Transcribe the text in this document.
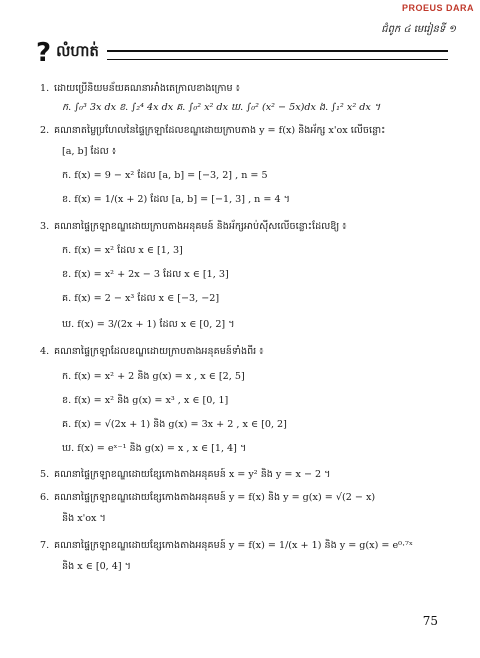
PROEUS DARA
ជំពូក ៤ មេរៀនទី ១
? លំហាត់
1. ដោយប្រើនិយមន័យគណនាអាំងតេក្រាលខាងក្រោម ៖
ក. ∫₀³ 3x dx ខ. ∫₂⁴ 4x dx គ. ∫₀² x² dx ឃ. ∫₀² (x² − 5x)dx ង. ∫₁² x² dx ។
2. គណនាតម្លៃប្រហែលនៃផ្ទៃក្រឡាដែលខណ្ឌដោយក្រាបតាង y = f(x) និងអ័ក្ស x'ox លើចន្លោះ
[a, b] ដែល ៖
ក. f(x) = 9 − x² ដែល [a, b] = [−3, 2] , n = 5
ខ. f(x) = 1/(x + 2) ដែល [a, b] = [−1, 3] , n = 4 ។
3. គណនាផ្ទៃក្រឡាខណ្ឌដោយក្រាបតាងអនុគមន៍ និងអ័ក្សអាប់ស៊ីសលើចន្លោះដែលឱ្យ ៖
ក. f(x) = x² ដែល x ∈ [1, 3]
ខ. f(x) = x² + 2x − 3 ដែល x ∈ [1, 3]
គ. f(x) = 2 − x³ ដែល x ∈ [−3, −2]
ឃ. f(x) = 3/(2x + 1) ដែល x ∈ [0, 2] ។
4. គណនាផ្ទៃក្រឡាដែលខណ្ឌដោយក្រាបតាងអនុគមន៍ទាំងពីរ ៖
ក. f(x) = x² + 2 និង g(x) = x , x ∈ [2, 5]
ខ. f(x) = x² និង g(x) = x³ , x ∈ [0, 1]
គ. f(x) = √(2x + 1) និង g(x) = 3x + 2 , x ∈ [0, 2]
ឃ. f(x) = eˣ⁻¹ និង g(x) = x , x ∈ [1, 4] ។
5. គណនាផ្ទៃក្រឡាខណ្ឌដោយខ្សែកោងតាងអនុគមន៍ x = y² និង y = x − 2 ។
6. គណនាផ្ទៃក្រឡាខណ្ឌដោយខ្សែកោងតាងអនុគមន៍ y = f(x) និង y = g(x) = √(2 − x)
និង x'ox ។
7. គណនាផ្ទៃក្រឡាខណ្ឌដោយខ្សែកោងតាងអនុគមន៍ y = f(x) = 1/(x + 1) និង y = g(x) = e⁰·⁷ˣ
និង x ∈ [0, 4] ។
75
